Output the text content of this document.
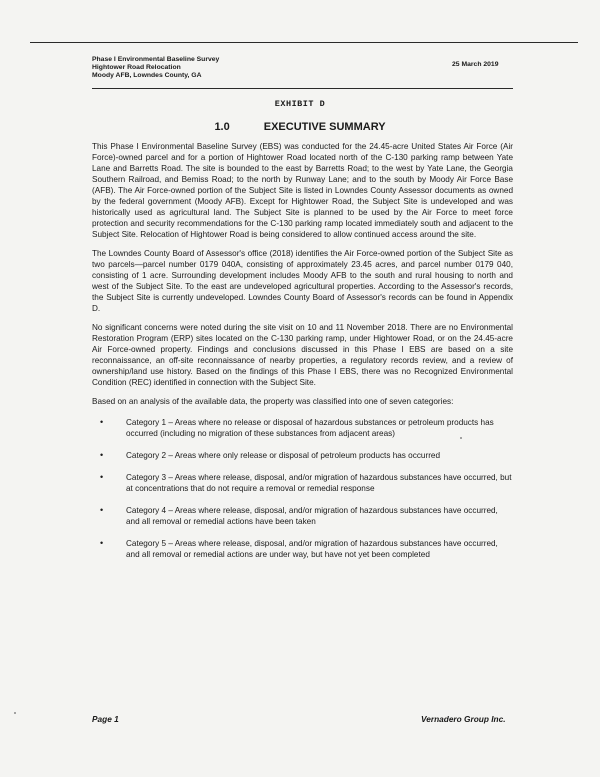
Phase I Environmental Baseline Survey
Hightower Road Relocation
Moody AFB, Lowndes County, GA
25 March 2019
EXHIBIT D
1.0	EXECUTIVE SUMMARY

This Phase I Environmental Baseline Survey (EBS) was conducted for the 24.45-acre United States Air Force (Air Force)-owned parcel and for a portion of Hightower Road located north of the C-130 parking ramp between Yate Lane and Barretts Road. The site is bounded to the east by Barretts Road; to the west by Yate Lane, the Georgia Southern Railroad, and Bemiss Road; to the north by Runway Lane; and to the south by Moody Air Force Base (AFB). The Air Force-owned portion of the Subject Site is listed in Lowndes County Assessor documents as owned by the federal government (Moody AFB). Except for Hightower Road, the Subject Site is undeveloped and was historically used as agricultural land. The Subject Site is planned to be used by the Air Force to meet force protection and security recommendations for the C-130 parking ramp located immediately south and adjacent to the Subject Site. Relocation of Hightower Road is being considered to allow continued access around the site.

The Lowndes County Board of Assessor's office (2018) identifies the Air Force-owned portion of the Subject Site as two parcels—parcel number 0179 040A, consisting of approximately 23.45 acres, and parcel number 0179 040, consisting of 1 acre. Surrounding development includes Moody AFB to the south and rural housing to north and west of the Subject Site. To the east are undeveloped agricultural properties. According to the Assessor's records, the Subject Site is currently undeveloped. Lowndes County Board of Assessor's records can be found in Appendix D.

No significant concerns were noted during the site visit on 10 and 11 November 2018. There are no Environmental Restoration Program (ERP) sites located on the C-130 parking ramp, under Hightower Road, or on the 24.45-acre Air Force-owned property. Findings and conclusions discussed in this Phase I EBS are based on a site reconnaissance, an off-site reconnaissance of nearby properties, a regulatory records review, and a review of ownership/land use history. Based on the findings of this Phase I EBS, there was no Recognized Environmental Condition (REC) identified in connection with the Subject Site.

Based on an analysis of the available data, the property was classified into one of seven categories:

•	Category 1 – Areas where no release or disposal of hazardous substances or petroleum products has occurred (including no migration of these substances from adjacent areas)
•	Category 2 – Areas where only release or disposal of petroleum products has occurred
•	Category 3 – Areas where release, disposal, and/or migration of hazardous substances have occurred, but at concentrations that do not require a removal or remedial response
•	Category 4 – Areas where release, disposal, and/or migration of hazardous substances have occurred, and all removal or remedial actions have been taken
•	Category 5 – Areas where release, disposal, and/or migration of hazardous substances have occurred, and all removal or remedial actions are under way, but have not yet been completed
Page 1	Vernadero Group Inc.
